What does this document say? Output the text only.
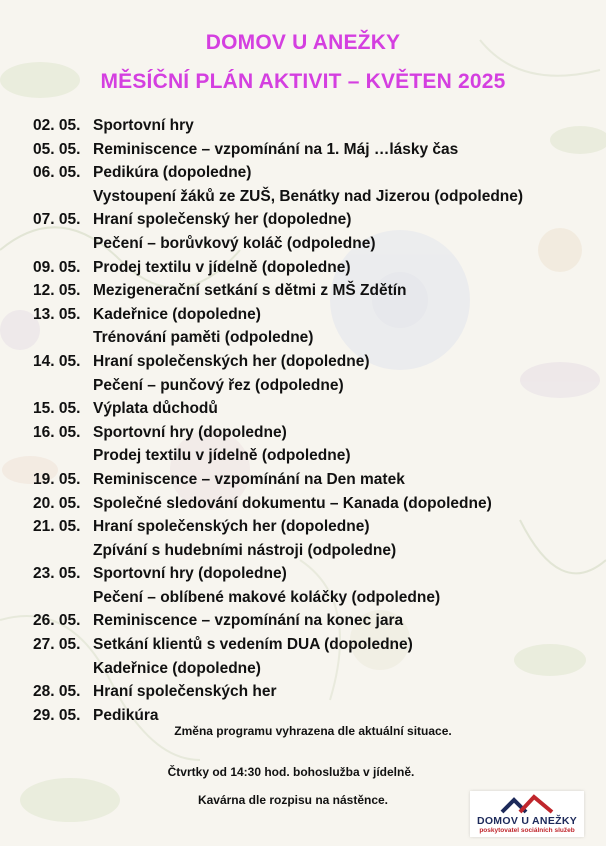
DOMOV U ANEŽKY
MĚSÍČNÍ PLÁN AKTIVIT – KVĚTEN 2025
02. 05. Sportovní hry
05. 05. Reminiscence – vzpomínání na 1. Máj …lásky čas
06. 05. Pedikúra (dopoledne)
Vystoupení žáků ze ZUŠ, Benátky nad Jizerou (odpoledne)
07. 05. Hraní společenský her (dopoledne)
Pečení – borůvkový koláč (odpoledne)
09. 05. Prodej textilu v jídelně (dopoledne)
12. 05. Mezigenerační setkání s dětmi z MŠ Zdětín
13. 05. Kadeřnice (dopoledne)
Trénování paměti (odpoledne)
14. 05. Hraní společenských her (dopoledne)
Pečení – punčový řez (odpoledne)
15. 05. Výplata důchodů
16. 05. Sportovní hry (dopoledne)
Prodej textilu v jídelně (odpoledne)
19. 05. Reminiscence – vzpomínání na Den matek
20. 05. Společné sledování dokumentu – Kanada (dopoledne)
21. 05. Hraní společenských her (dopoledne)
Zpívání s hudebními nástroji (odpoledne)
23. 05. Sportovní hry (dopoledne)
Pečení – oblíbené makové koláčky (odpoledne)
26. 05. Reminiscence – vzpomínání na konec jara
27. 05. Setkání klientů s vedením DUA (dopoledne)
Kadeřnice (dopoledne)
28. 05. Hraní společenských her
29. 05. Pedikúra
Změna programu vyhrazena dle aktuální situace.
Čtvrtky od 14:30 hod. bohoslužba v jídelně.
Kavárna dle rozpisu na nástěnce.
DOMOV U ANEŽKY
poskytovatel sociálních služeb
